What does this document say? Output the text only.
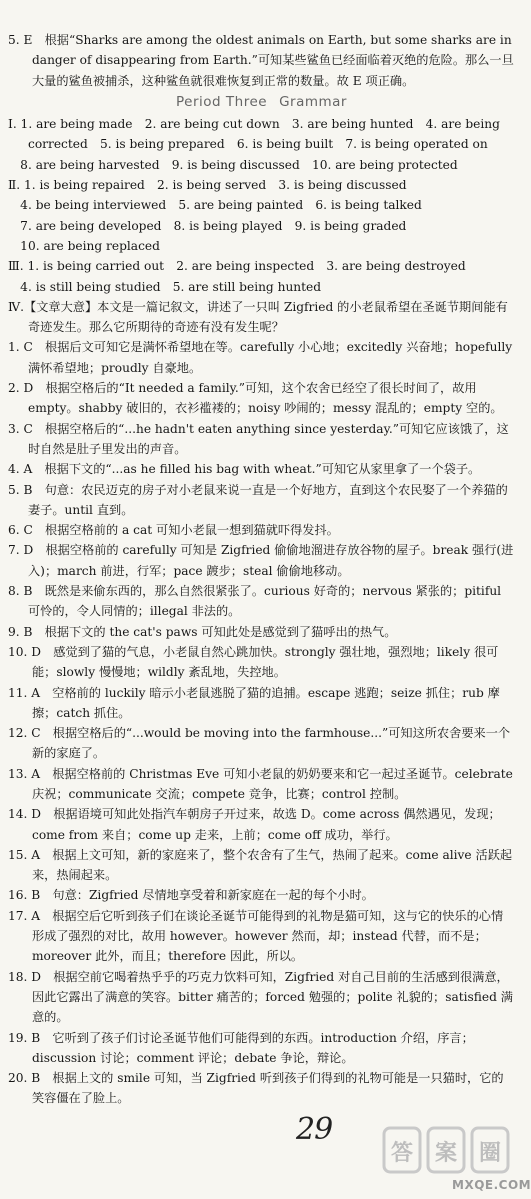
5. E　根据“Sharks are among the oldest animals on Earth, but some sharks are in danger of disappearing from Earth.”可知某些鲨鱼已经面临着灭绝的危险。那么一旦大量的鲨鱼被捕杀，这种鲨鱼就很难恢复到正常的数量。故 E 项正确。

Period Three Grammar

Ⅰ. 1. are being made　2. are being cut down　3. are being hunted　4. are being corrected　5. is being prepared　6. is being built　7. is being operated on

　8. are being harvested　9. is being discussed　10. are being protected

Ⅱ. 1. is being repaired　2. is being served　3. is being discussed

　4. be being interviewed　5. are being painted　6. is being talked

　7. are being developed　8. is being played　9. is being graded

　10. are being replaced

Ⅲ. 1. is being carried out　2. are being inspected　3. are being destroyed

　4. is still being studied　5. are still being hunted

Ⅳ.【文章大意】本文是一篇记叙文，讲述了一只叫 Zigfried 的小老鼠希望在圣诞节期间能有奇迹发生。那么它所期待的奇迹有没有发生呢？

1. C　根据后文可知它是满怀希望地在等。carefully 小心地；excitedly 兴奋地；hopefully 满怀希望地；proudly 自豪地。

2. D　根据空格后的“It needed a family.”可知，这个农舍已经空了很长时间了，故用 empty。shabby 破旧的，衣衫褴褛的；noisy 吵闹的；messy 混乱的；empty 空的。

3. C　根据空格后的“...he hadn't eaten anything since yesterday.”可知它应该饿了，这时自然是肚子里发出的声音。

4. A　根据下文的“...as he filled his bag with wheat.”可知它从家里拿了一个袋子。

5. B　句意：农民迈克的房子对小老鼠来说一直是一个好地方，直到这个农民娶了一个养猫的妻子。until 直到。

6. C　根据空格前的 a cat 可知小老鼠一想到猫就吓得发抖。

7. D　根据空格前的 carefully 可知是 Zigfried 偷偷地溜进存放谷物的屋子。break 强行(进入)；march 前进，行军；pace 踱步；steal 偷偷地移动。

8. B　既然是来偷东西的，那么自然很紧张了。curious 好奇的；nervous 紧张的；pitiful 可怜的，令人同情的；illegal 非法的。

9. B　根据下文的 the cat's paws 可知此处是感觉到了猫呼出的热气。

10. D　感觉到了猫的气息，小老鼠自然心跳加快。strongly 强壮地，强烈地；likely 很可能；slowly 慢慢地；wildly 紊乱地，失控地。

11. A　空格前的 luckily 暗示小老鼠逃脱了猫的追捕。escape 逃跑；seize 抓住；rub 摩擦；catch 抓住。

12. C　根据空格后的“...would be moving into the farmhouse...”可知这所农舍要来一个新的家庭了。

13. A　根据空格前的 Christmas Eve 可知小老鼠的奶奶要来和它一起过圣诞节。celebrate 庆祝；communicate 交流；compete 竞争，比赛；control 控制。

14. D　根据语境可知此处指汽车朝房子开过来，故选 D。come across 偶然遇见，发现；come from 来自；come up 走来，上前；come off 成功，举行。

15. A　根据上文可知，新的家庭来了，整个农舍有了生气，热闹了起来。come alive 活跃起来，热闹起来。

16. B　句意：Zigfried 尽情地享受着和新家庭在一起的每个小时。

17. A　根据空后它听到孩子们在谈论圣诞节可能得到的礼物是猫可知，这与它的快乐的心情形成了强烈的对比，故用 however。however 然而，却；instead 代替，而不是；moreover 此外，而且；therefore 因此，所以。

18. D　根据空前它喝着热乎乎的巧克力饮料可知，Zigfried 对自己目前的生活感到很满意，因此它露出了满意的笑容。bitter 痛苦的；forced 勉强的；polite 礼貌的；satisfied 满意的。

19. B　它听到了孩子们讨论圣诞节他们可能得到的东西。introduction 介绍，序言；discussion 讨论；comment 评论；debate 争论，辩论。

20. B　根据上文的 smile 可知，当 Zigfried 听到孩子们得到的礼物可能是一只猫时，它的笑容僵在了脸上。

29
答 案 圈
MXQE.COM
